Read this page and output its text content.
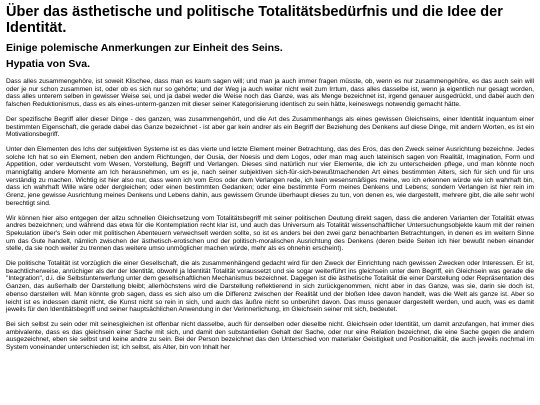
Über das ästhetische und politische Totalitätsbedürfnis und die Idee der Identität.
Einige polemische Anmerkungen zur Einheit des Seins.
Hypatia von Sva.

Dass alles zusammengehöre, ist soweit Klischee, dass man es kaum sagen will; und man ja auch immer fragen müsste, ob, wenn es nur zusammengehöre, es das auch sein will oder je nur schon zusammen ist, oder ob es sich nur so gehörte; und der Weg ja auch weiter nicht weit zum Irrtum, dass alles dasselbe ist, wenn ja eigentlich nur gesagt worden, dass alles unterem selben in gewisser Weise sei, und ja dabei weder die Weise noch das Ganze, was als Menge bezeichnet ist, irgend genauer ausgedrückt, und dabei auch den falschen Reduktionismus, dass es als eines-unterm-ganzen mit dieser seiner Kategorisierung identisch zu sein hätte, keineswegs notwendig gemacht hätte.

Der spezifische Begriff aller dieser Dinge - des ganzen, was zusammengehört, und die Art des Zusammenhangs als eines gewissen Gleichseins, einer Identität inquantum einer bestimmten Eigenschaft, die gerade dabei das Ganze bezeichnet - ist aber gar kein andrer als ein Begriff der Beziehung des Denkens auf diese Dinge, mit andern Worten, es ist ein Motivationsbegriff.

Unter den Elementen des Ichs der subjektiven Systeme ist es das vierte und letzte Element meiner Betrachtung, das des Eros, das den Zweck seiner Ausrichtung bezeichne. Jedes solche Ich hat so ein Element, neben den andern Richtungen, der Ousia, der Noesis und dem Logos, oder man mag auch lateinisch sagen von Realität, Imagination, Form und Appetition, oder verdeutscht vom Wesen, Vorstellung, Begriff und Verlangen. Dieses sind natürlich nur vier Elemente, die ich zu unterscheiden pflege, und man könnte noch mannigfaltig andere Momente am Ich herausnehmen, um es je, nach seiner subjektiven sich-für-sich-bewußtmachenden Art eines bestimmten Alters, sich für sich und für uns verständig zu machen. Wichtig ist hier also nur, dass wenn ich vom Eros oder dem Verlangen rede, ich kein wesensmäßiges meine, wo ich erkennen würde wie ich wahrhaft bin, dass ich wahrhaft Wille wäre oder dergleichen; oder einen bestimmten Gedanken; oder eine bestimmte Form meines Denkens und Lebens; sondern Verlangen ist hier rein im Grenz, jene gewisse Ausrichtung meines Denkens und Lebens dahin, aus gewissem Grunde überhaupt dieses zu tun, von denen es, wie dargestellt, mehrere gibt, die alle sehr wohl berechtigt sind.

Wir können hier also entgegen der allzu schnellen Gleichsetzung vom Totalitätsbegriff mit seiner politischen Deutung direkt sagen, dass die anderen Varianten der Totalität etwas andres bezeichnen; und während das etwa für die Kontemplation recht klar ist, und auch das Universum als Totalität wissenschaftlicher Untersuchungsobjekte kaum mit der reinen Spekulation über's Sein oder mit politischen Abenteuern verwechselt werden sollte, so ist es anders bei den zwei ganz benachbarten Betrachtungen, in denen es im weitern Sinne um das Gute handelt, nämlich zwischen der ästhetisch-erotischen und der politisch-moralischen Ausrichtung des Denkens (deren beide Seiten ich hier bewußt neben einander stelle, da sie noch weiter zu trennen das weitere umso unmöglicher machen würde, mehr als es ohnehin erscheint).

Die politische Totalität ist vorzüglich die einer Gesellschaft, die als zusammenhängend gedacht wird für den Zweck der Einrichtung nach gewissen Zwecken oder Interessen. Er ist, beachtlicherweise, anrüchiger als der der Identität, obwohl ja Identität Totalität voraussetzt und sie sogar weiterführt ins gleichsein unter dem Begriff, ein Gleichsein was gerade die "Integration", d.i. die Selbstunterwerfung unter dem gesellschaftlichen Mechanismus bezeichnet. Dagegen ist die ästhetische Totalität die einer Darstellung oder Repräsentation des Ganzen, das außerhalb der Darstellung bleibt; allerhöchstens wird die Darstellung reflektierend in sich zurückgenommen, nicht aber in das Ganze, was sie, darin sie doch ist, ebenso darstellen will. Man könnte grob sagen, dass es sich also um die Differenz zwischen der Realität und der bloßen Idee davon handelt, was die Welt als ganze ist. Aber so leicht ist es indessen damit nicht, die Kunst nicht so rein in sich, und auch das äußre nicht so unberührt davon. Das muss genauer dargestellt werden, und auch, was es damit jeweils für den Identitätsbegriff und seiner hauptsächlichen Anwendung in der Verinnerlichung, im Gleichsein seiner mit sich, bedeutet.

Bei sich selbst zu sein oder mit seinesgleichen ist offenbar nicht dasselbe, auch für denselben oder dieselbe nicht. Gleichsein oder Identität, um damit anzufangen, hat immer dies ambivalente, dass es das gleichsein einer Sache mit sich, und damit den substantiellen Gehalt der Sache, oder nur eine Relation bezeichnet, die eine Sache gegen die andern ausgezeichnet, eben sie selbst und keine andre zu sein. Bei der Person bezeichnet das den Unterschied von materialer Geistigkeit und Positionalität, die auch jeweils nochmal im System voneinander unterschieden ist; ich selbst, als Alter, bin von Inhalt her
